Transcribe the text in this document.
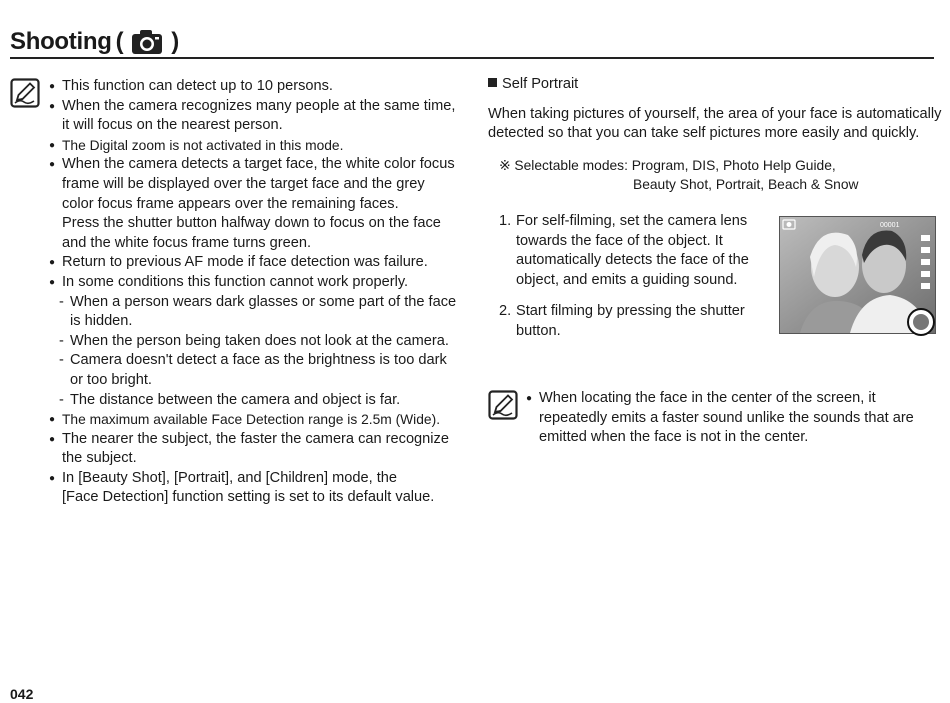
Shooting ( )

● This function can detect up to 10 persons.

● When the camera recognizes many people at the same time,

it will focus on the nearest person.

● The Digital zoom is not activated in this mode.

● When the camera detects a target face, the white color focus

frame will be displayed over the target face and the grey

color focus frame appears over the remaining faces.

Press the shutter button halfway down to focus on the face

and the white focus frame turns green.

● Return to previous AF mode if face detection was failure.

● In some conditions this function cannot work properly.

- When a person wears dark glasses or some part of the face

is hidden.

- When the person being taken does not look at the camera.

- Camera doesn't detect a face as the brightness is too dark

or too bright.

- The distance between the camera and object is far.

● The maximum available Face Detection range is 2.5m (Wide).

● The nearer the subject, the faster the camera can recognize

the subject.

● In [Beauty Shot], [Portrait], and [Children] mode, the

[Face Detection] function setting is set to its default value.

Self Portrait

When taking pictures of yourself, the area of your face is automatically

detected so that you can take self pictures more easily and quickly.

※ Selectable modes: Program, DIS, Photo Help Guide,

Beauty Shot, Portrait, Beach & Snow

1. For self-filming, set the camera lens

towards the face of the object. It

automatically detects the face of the

object, and emits a guiding sound.

2. Start filming by pressing the shutter

button.

00001

● When locating the face in the center of the screen, it

repeatedly emits a faster sound unlike the sounds that are

emitted when the face is not in the center.

042
